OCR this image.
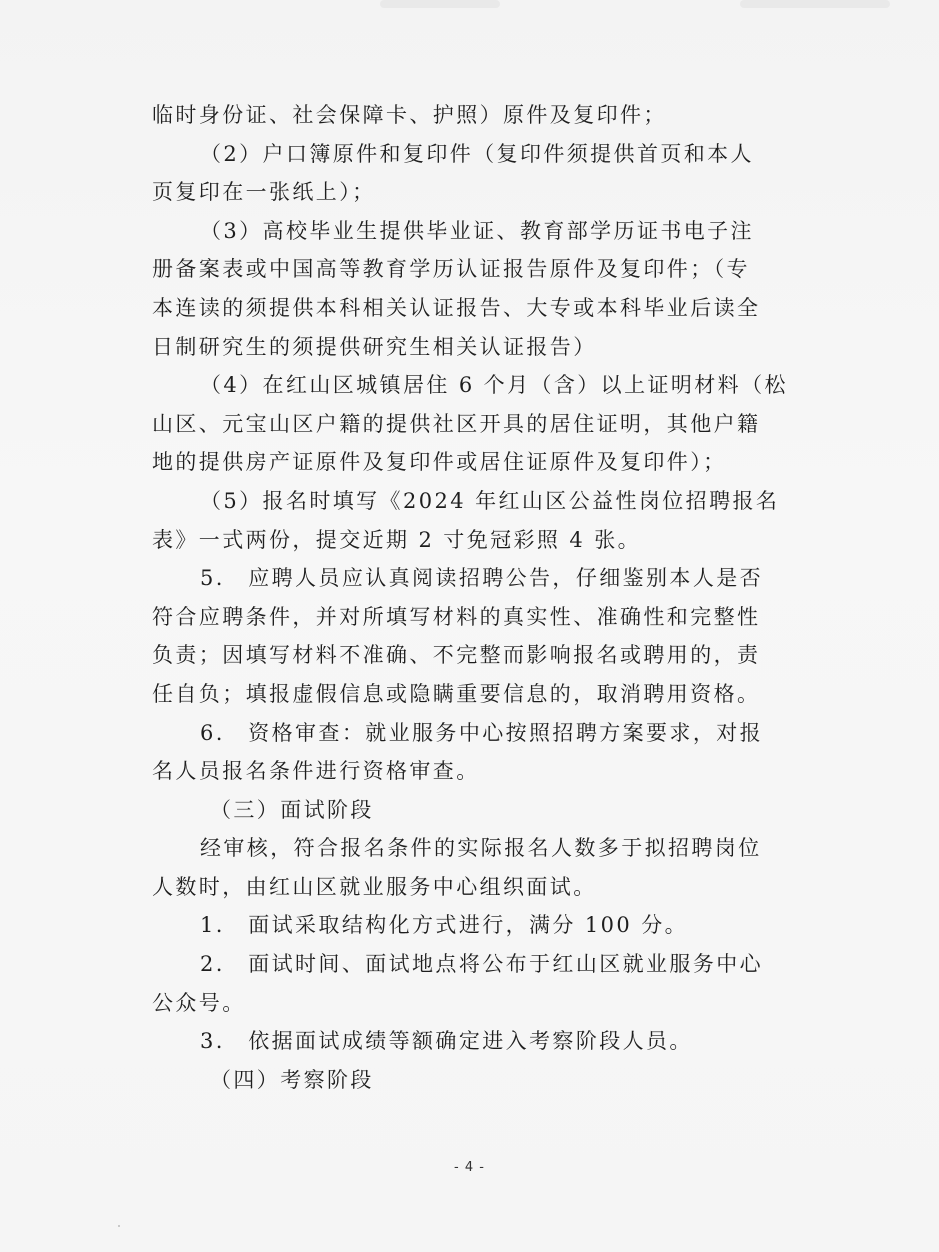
临时身份证、社会保障卡、护照）原件及复印件；
（2）户口簿原件和复印件（复印件须提供首页和本人
页复印在一张纸上）；
（3）高校毕业生提供毕业证、教育部学历证书电子注
册备案表或中国高等教育学历认证报告原件及复印件；（专
本连读的须提供本科相关认证报告、大专或本科毕业后读全
日制研究生的须提供研究生相关认证报告）
（4）在红山区城镇居住 6 个月（含）以上证明材料（松
山区、元宝山区户籍的提供社区开具的居住证明，其他户籍
地的提供房产证原件及复印件或居住证原件及复印件）；
（5）报名时填写《2024 年红山区公益性岗位招聘报名
表》一式两份，提交近期 2 寸免冠彩照 4 张。
5.　应聘人员应认真阅读招聘公告，仔细鉴别本人是否
符合应聘条件，并对所填写材料的真实性、准确性和完整性
负责；因填写材料不准确、不完整而影响报名或聘用的，责
任自负；填报虚假信息或隐瞒重要信息的，取消聘用资格。
6.　资格审查：就业服务中心按照招聘方案要求，对报
名人员报名条件进行资格审查。
（三）面试阶段
经审核，符合报名条件的实际报名人数多于拟招聘岗位
人数时，由红山区就业服务中心组织面试。
1.　面试采取结构化方式进行，满分 100 分。
2.　面试时间、面试地点将公布于红山区就业服务中心
公众号。
3.　依据面试成绩等额确定进入考察阶段人员。
（四）考察阶段
- 4 -
